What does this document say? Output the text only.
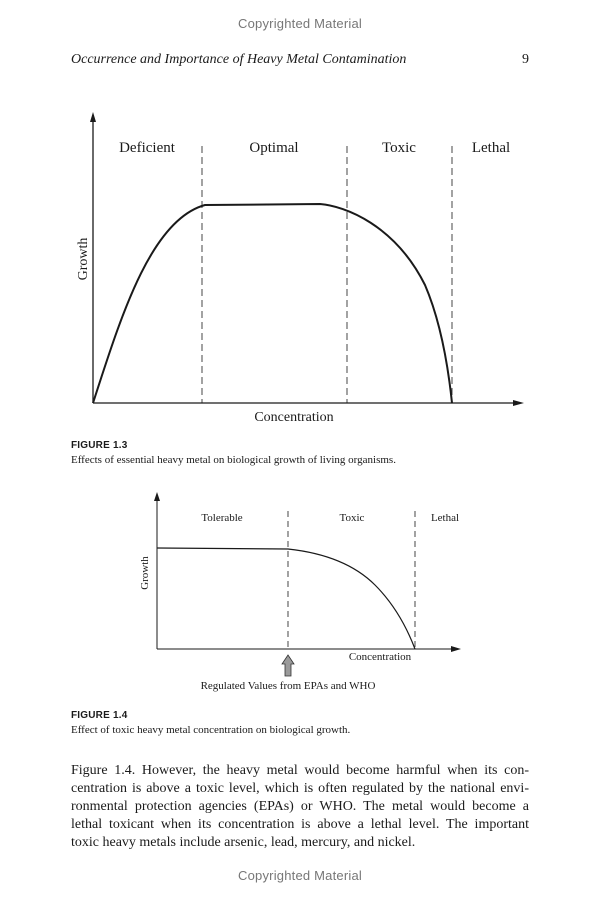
Copyrighted Material
Occurrence and Importance of Heavy Metal Contamination	9
Deficient	Optimal	Toxic	Lethal
Growth
Concentration
FIGURE 1.3
Effects of essential heavy metal on biological growth of living organisms.
Tolerable	Toxic	Lethal
Growth
Concentration
Regulated Values from EPAs and WHO
FIGURE 1.4
Effect of toxic heavy metal concentration on biological growth.
Figure 1.4. However, the heavy metal would become harmful when its con-
centration is above a toxic level, which is often regulated by the national envi-
ronmental protection agencies (EPAs) or WHO. The metal would become a
lethal toxicant when its concentration is above a lethal level. The important
toxic heavy metals include arsenic, lead, mercury, and nickel.
Copyrighted Material
